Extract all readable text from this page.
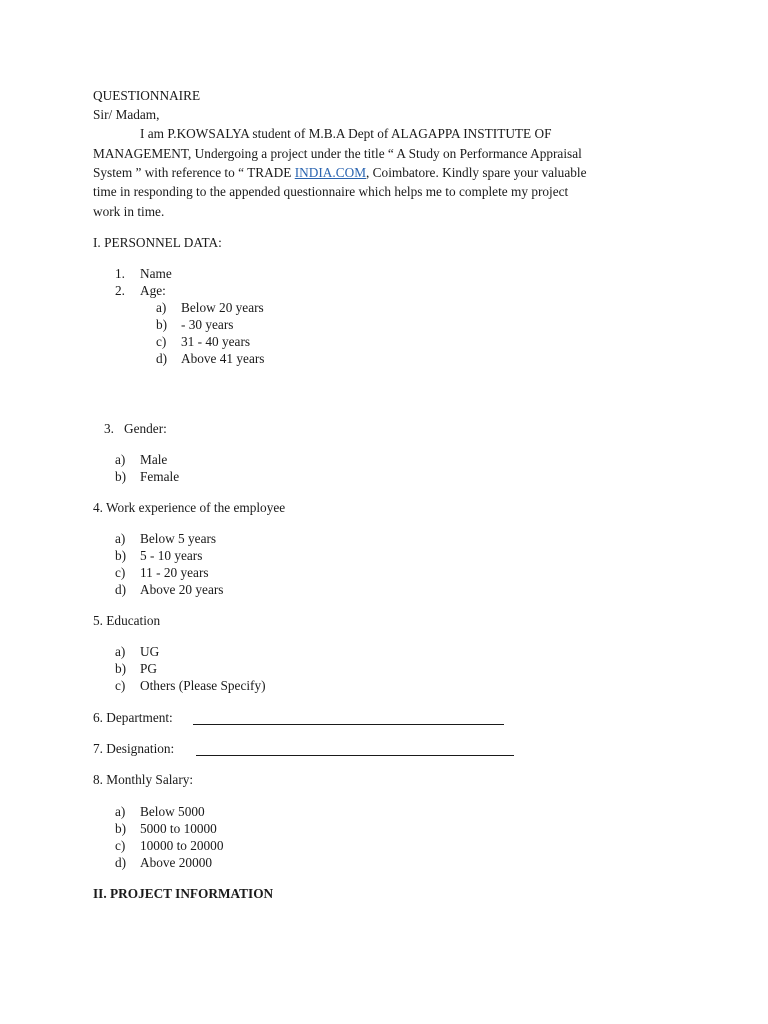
QUESTIONNAIRE
Sir/ Madam,
I am P.KOWSALYA student of M.B.A Dept of ALAGAPPA INSTITUTE OF
MANAGEMENT, Undergoing a project under the title “ A Study on Performance Appraisal
System ” with reference to “ TRADE INDIA.COM, Coimbatore. Kindly spare your valuable
time in responding to the appended questionnaire which helps me to complete my project
work in time.
I. PERSONNEL DATA:
1. Name
2. Age:
a) Below 20 years
b) - 30 years
c) 31 - 40 years
d) Above 41 years
3. Gender:
a) Male
b) Female
4. Work experience of the employee
a) Below 5 years
b) 5 - 10 years
c) 11 - 20 years
d) Above 20 years
5. Education
a) UG
b) PG
c) Others (Please Specify)
6. Department:
7. Designation:
8. Monthly Salary:
a) Below 5000
b) 5000 to 10000
c) 10000 to 20000
d) Above 20000
II. PROJECT INFORMATION
